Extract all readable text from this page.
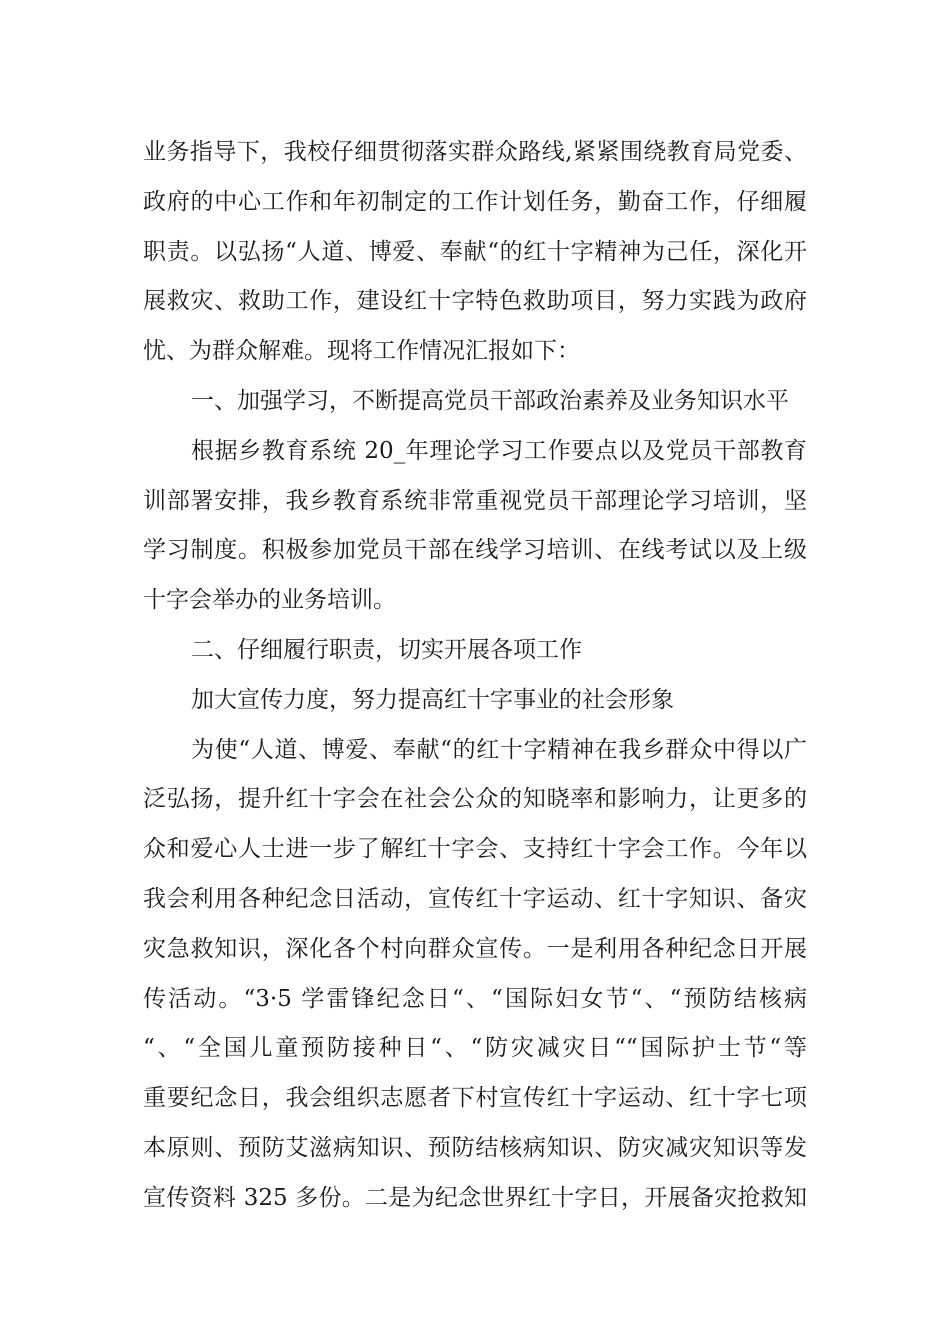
业务指导下，我校仔细贯彻落实群众路线,紧紧围绕教育局党委、
政府的中心工作和年初制定的工作计划任务，勤奋工作，仔细履
职责。以弘扬“人道、博爱、奉献“的红十字精神为己任，深化开
展救灾、救助工作，建设红十字特色救助项目，努力实践为政府
忧、为群众解难。现将工作情况汇报如下：
一、加强学习，不断提高党员干部政治素养及业务知识水平
根据乡教育系统 20_年理论学习工作要点以及党员干部教育
训部署安排，我乡教育系统非常重视党员干部理论学习培训，坚
学习制度。积极参加党员干部在线学习培训、在线考试以及上级
十字会举办的业务培训。
二、仔细履行职责，切实开展各项工作
加大宣传力度，努力提高红十字事业的社会形象
为使“人道、博爱、奉献“的红十字精神在我乡群众中得以广
泛弘扬，提升红十字会在社会公众的知晓率和影响力，让更多的
众和爱心人士进一步了解红十字会、支持红十字会工作。今年以
我会利用各种纪念日活动，宣传红十字运动、红十字知识、备灾
灾急救知识，深化各个村向群众宣传。一是利用各种纪念日开展
传活动。“3·5 学雷锋纪念日“、“国际妇女节“、“预防结核病
“、“全国儿童预防接种日“、“防灾减灾日““国际护士节“等
重要纪念日，我会组织志愿者下村宣传红十字运动、红十字七项
本原则、预防艾滋病知识、预防结核病知识、防灾减灾知识等发
宣传资料 325 多份。二是为纪念世界红十字日，开展备灾抢救知
